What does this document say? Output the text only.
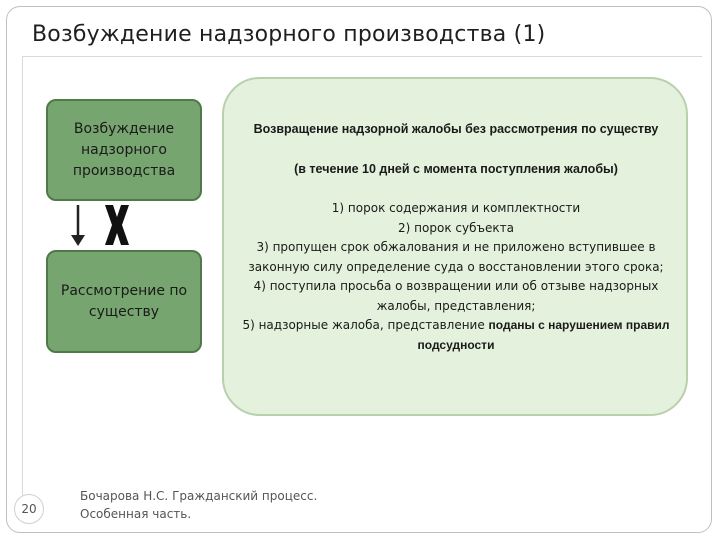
Возбуждение надзорного производства (1)
Возбуждение надзорного производства
Рассмотрение по существу
Возвращение надзорной жалобы без рассмотрения по существу
(в течение 10 дней с момента поступления жалобы)
1) порок содержания и комплектности
2) порок субъекта
3) пропущен срок обжалования и не приложено вступившее в законную силу определение суда о восстановлении этого срока;
4) поступила просьба о возвращении или об отзыве надзорных жалобы, представления;
5) надзорные жалоба, представление поданы с нарушением правил подсудности
20
Бочарова Н.С. Гражданский процесс.
Особенная часть.
